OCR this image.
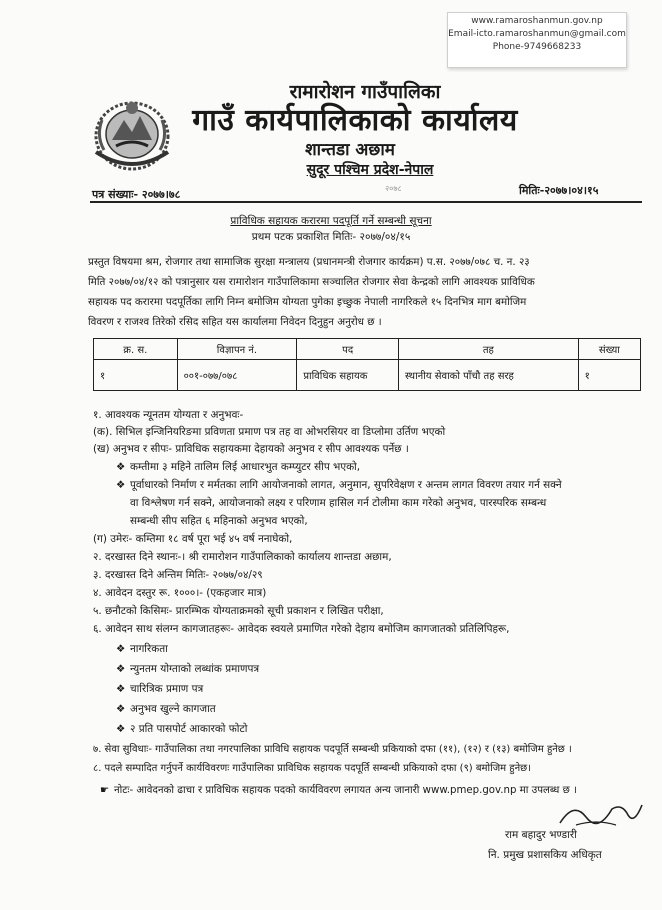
www.ramaroshanmun.gov.np
Email-icto.ramaroshanmun@gmail.com
Phone-9749668233
रामारोशन गाउँपालिका
गाउँ कार्यपालिकाको कार्यालय
शान्तडा अछाम
सुदूर पश्चिम प्रदेश-नेपाल
२०७८
पत्र संख्याः- २०७७।७८	मितिः-२०७७।०४।१५
प्राविधिक सहायक करारमा पदपूर्ति गर्ने सम्बन्धी सूचना
प्रथम पटक प्रकाशित मितिः- २०७७/०४/१५
प्रस्तुत विषयमा श्रम, रोजगार तथा सामाजिक सुरक्षा मन्त्रालय (प्रधानमन्त्री रोजगार कार्यक्रम) प.स. २०७७/०७८ च. न. २३
मिति २०७७/०४/१२ को पत्रानुसार यस रामारोशन गाउँपालिकामा सञ्चालित रोजगार सेवा केन्द्रको लागि आवश्यक प्राविधिक
सहायक पद करारमा पदपूर्तिका लागि निम्न बमोजिम योग्यता पुगेका इच्छुक नेपाली नागरिकले १५ दिनभित्र माग बमोजिम
विवरण र राजश्व तिरेको रसिद सहित यस कार्यालमा निवेदन दिनुहुन अनुरोध छ ।
क्र. स.	विज्ञापन नं.	पद	तह	संख्या
१	००१-०७७/०७८	प्राविधिक सहायक	स्थानीय सेवाको पाँचौ तह सरह	१
१. आवश्यक न्यूनतम योग्यता र अनुभवः-
(क). सिभिल इन्जिनियरिङमा प्रविणता प्रमाण पत्र तह वा ओभरसियर वा डिप्लोमा उर्तिण भएको
(ख) अनुभव र सीपः- प्राविधिक सहायकमा देहायको अनुभव र सीप आवश्यक पर्नेछ ।
❖ कम्तीमा ३ महिने तालिम लिई आधारभुत कम्प्युटर सीप भएको,
❖ पूर्वाधारको निर्माण र मर्मतका लागि आयोजनाको लागत, अनुमान, सुपरिवेक्षण र अन्तम लागत विवरण तयार गर्न सक्ने
वा विश्लेषण गर्न सक्ने, आयोजनाको लक्ष्य र परिणाम हासिल गर्न टोलीमा काम गरेको अनुभव, पारस्परिक सम्बन्ध
सम्बन्धी सीप सहित ६ महिनाको अनुभव भएको,
(ग) उमेरः- कम्तिमा १८ वर्ष पूरा भई ४५ वर्ष ननाघेको,
२. दरखास्त दिने स्थानः-। श्री रामारोशन गाउँपालिकाको कार्यालय शान्तडा अछाम,
३. दरखास्त दिने अन्तिम मितिः- २०७७/०४/२९
४. आवेदन दस्तुर रू. १०००।- (एकहजार मात्र)
५. छनौटको किसिमः- प्रारम्भिक योग्यताक्रमको सूची प्रकाशन र लिखित परीक्षा,
६. आवेदन साथ संलग्न कागजातहरूः- आवेदक स्वयले प्रमाणित गरेको देहाय बमोजिम कागजातको प्रतिलिपिहरू,
❖ नागरिकता
❖ न्युनतम योग्ताको लब्धांक प्रमाणपत्र
❖ चारित्रिक प्रमाण पत्र
❖ अनुभव खुल्ने कागजात
❖ २ प्रति पासपोर्ट आकारको फोटो
७. सेवा सुविधाः- गाउँपालिका तथा नगरपालिका प्राविधि सहायक पदपूर्ति सम्बन्धी प्रकियाको दफा (११), (१२) र (१३) बमोजिम हुनेछ ।
८. पदले सम्पादित गर्नुपर्ने कार्यविवरणः गाउँपालिका प्राविधिक सहायक पदपूर्ति सम्बन्धी प्रकियाको दफा (९) बमोजिम हुनेछ।
☛ नोटः- आवेदनको ढाचा र प्राविधिक सहायक पदको कार्यविवरण लगायत अन्य जानारी www.pmep.gov.np मा उपलब्ध छ ।
राम बहादुर भण्डारी
नि. प्रमुख प्रशासकिय अधिकृत
